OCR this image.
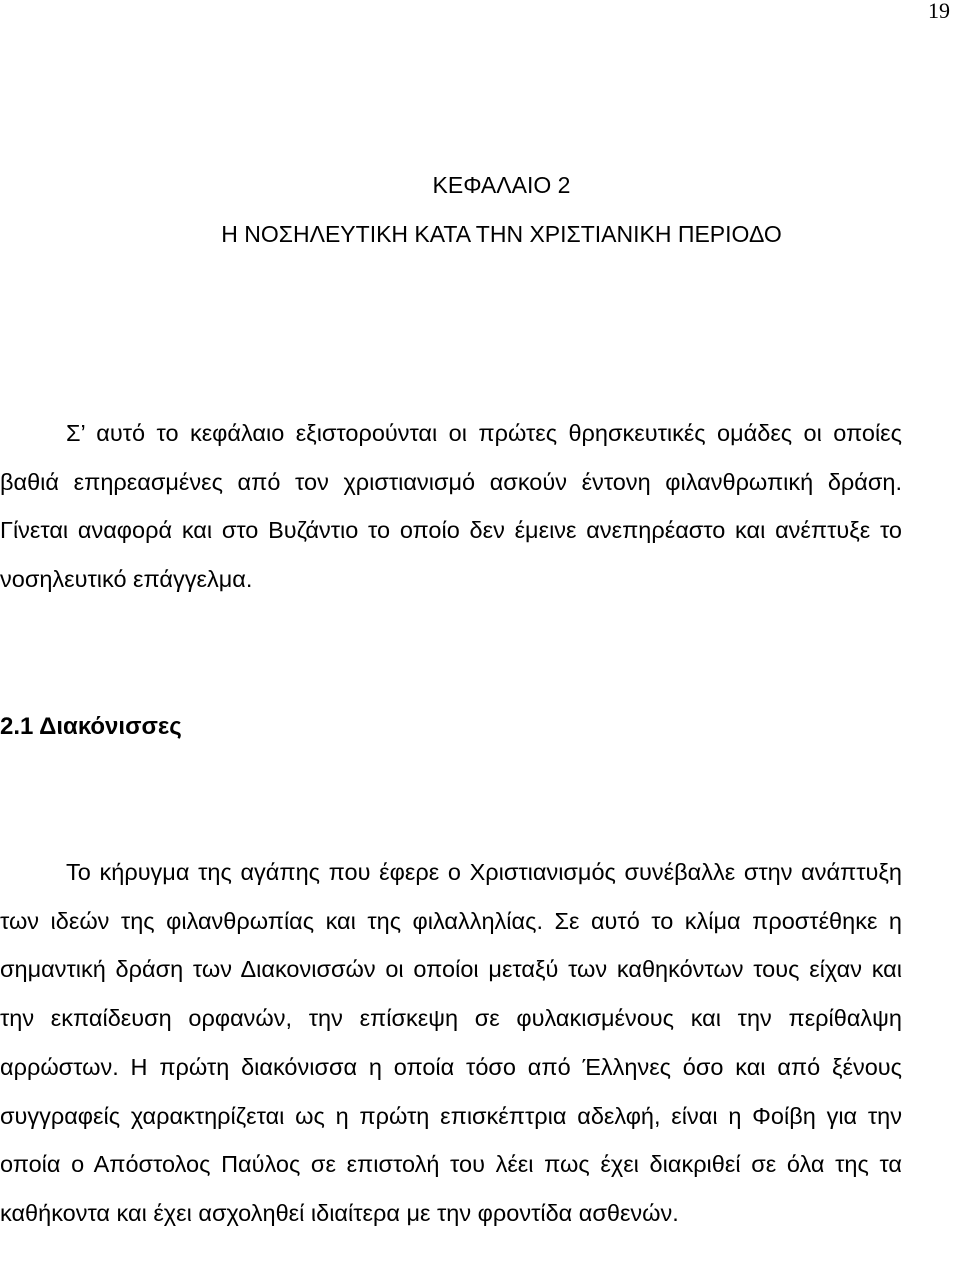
19
ΚΕΦΑΛΑΙΟ 2
Η ΝΟΣΗΛΕΥΤΙΚΗ ΚΑΤΑ ΤΗΝ ΧΡΙΣΤΙΑΝΙΚΗ ΠΕΡΙΟΔΟ

Σ’ αυτό το κεφάλαιο εξιστορούνται οι πρώτες θρησκευτικές ομάδες οι οποίες βαθιά επηρεασμένες από τον χριστιανισμό ασκούν έντονη φιλανθρωπική δράση. Γίνεται αναφορά και στο Βυζάντιο το οποίο δεν έμεινε ανεπηρέαστο και ανέπτυξε το νοσηλευτικό επάγγελμα.

2.1 Διακόνισσες

Το κήρυγμα της αγάπης που έφερε ο Χριστιανισμός συνέβαλλε στην ανάπτυξη των ιδεών της φιλανθρωπίας και της φιλαλληλίας. Σε αυτό το κλίμα προστέθηκε η σημαντική δράση των Διακονισσών οι οποίοι μεταξύ των καθηκόντων τους είχαν και την εκπαίδευση ορφανών, την επίσκεψη σε φυλακισμένους και την περίθαλψη αρρώστων. Η πρώτη διακόνισσα η οποία τόσο από Έλληνες όσο και από ξένους συγγραφείς χαρακτηρίζεται ως η πρώτη επισκέπτρια αδελφή, είναι η Φοίβη για την οποία ο Απόστολος Παύλος σε επιστολή του λέει πως έχει διακριθεί σε όλα της τα καθήκοντα και έχει ασχοληθεί ιδιαίτερα με την φροντίδα ασθενών.
